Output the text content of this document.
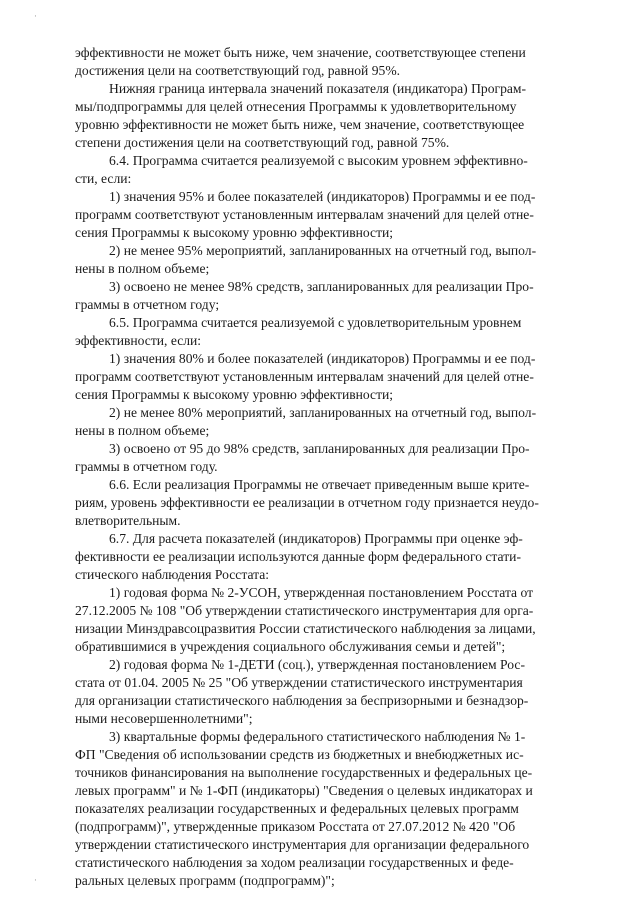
·
·

эффективности не может быть ниже, чем значение, соответствующее степени
достижения цели на соответствующий год, равной 95%.

Нижняя граница интервала значений показателя (индикатора) Програм-
мы/подпрограммы для целей отнесения Программы к удовлетворительному
уровню эффективности не может быть ниже, чем значение, соответствующее
степени достижения цели на соответствующий год, равной 75%.

6.4. Программа считается реализуемой с высоким уровнем эффективно-
сти, если:

1) значения 95% и более показателей (индикаторов) Программы и ее под-
программ соответствуют установленным интервалам значений для целей отне-
сения Программы к высокому уровню эффективности;

2) не менее 95% мероприятий, запланированных на отчетный год, выпол-
нены в полном объеме;

3) освоено не менее 98% средств, запланированных для реализации Про-
граммы в отчетном году;

6.5. Программа считается реализуемой с удовлетворительным уровнем
эффективности, если:

1) значения 80% и более показателей (индикаторов) Программы и ее под-
программ соответствуют установленным интервалам значений для целей отне-
сения Программы к высокому уровню эффективности;

2) не менее 80% мероприятий, запланированных на отчетный год, выпол-
нены в полном объеме;

3) освоено от 95 до 98% средств, запланированных для реализации Про-
граммы в отчетном году.

6.6. Если реализация Программы не отвечает приведенным выше крите-
риям, уровень эффективности ее реализации в отчетном году признается неудо-
влетворительным.

6.7. Для расчета показателей (индикаторов) Программы при оценке эф-
фективности ее реализации используются данные форм федерального стати-
стического наблюдения Росстата:

1) годовая форма № 2-УСОН, утвержденная постановлением Росстата от
27.12.2005 № 108 "Об утверждении статистического инструментария для орга-
низации Минздравсоцразвития России статистического наблюдения за лицами,
обратившимися в учреждения социального обслуживания семьи и детей";

2) годовая форма № 1-ДЕТИ (соц.), утвержденная постановлением Рос-
стата от 01.04. 2005 № 25 "Об утверждении статистического инструментария
для организации статистического наблюдения за беспризорными и безнадзор-
ными несовершеннолетними";

3) квартальные формы федерального статистического наблюдения № 1-
ФП "Сведения об использовании средств из бюджетных и внебюджетных ис-
точников финансирования на выполнение государственных и федеральных це-
левых программ" и № 1-ФП (индикаторы) "Сведения о целевых индикаторах и
показателях реализации государственных и федеральных целевых программ
(подпрограмм)", утвержденные приказом Росстата от 27.07.2012 № 420 "Об
утверждении статистического инструментария для организации федерального
статистического наблюдения за ходом реализации государственных и феде-
ральных целевых программ (подпрограмм)";
